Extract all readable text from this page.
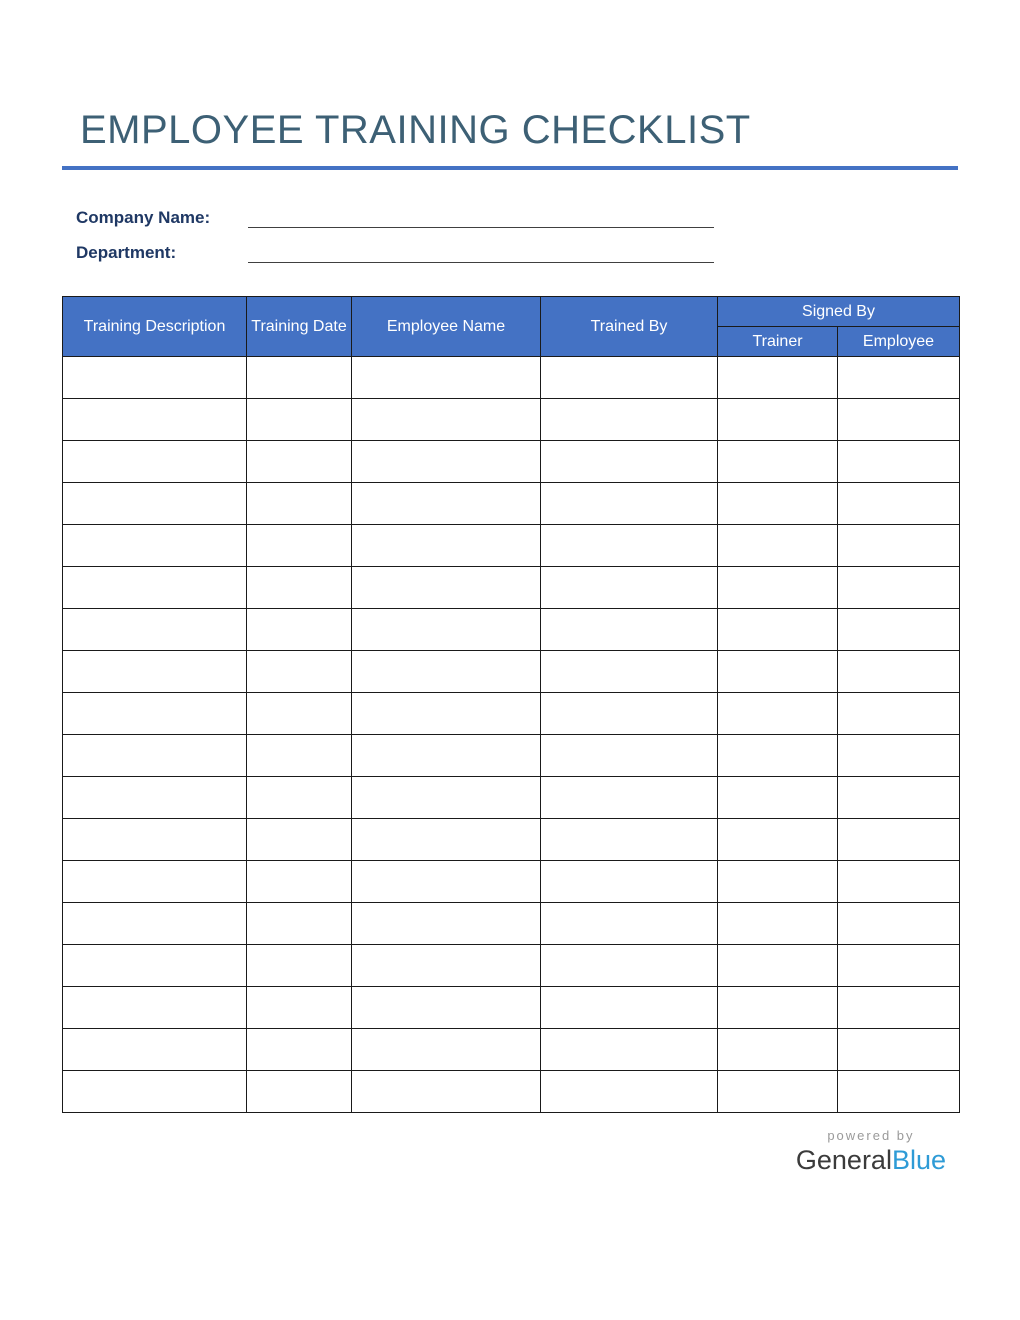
EMPLOYEE TRAINING CHECKLIST
Company Name:
Department:
Training Description	Training Date	Employee Name	Trained By	Signed By	
				Trainer	Employee

powered by
GeneralBlue
